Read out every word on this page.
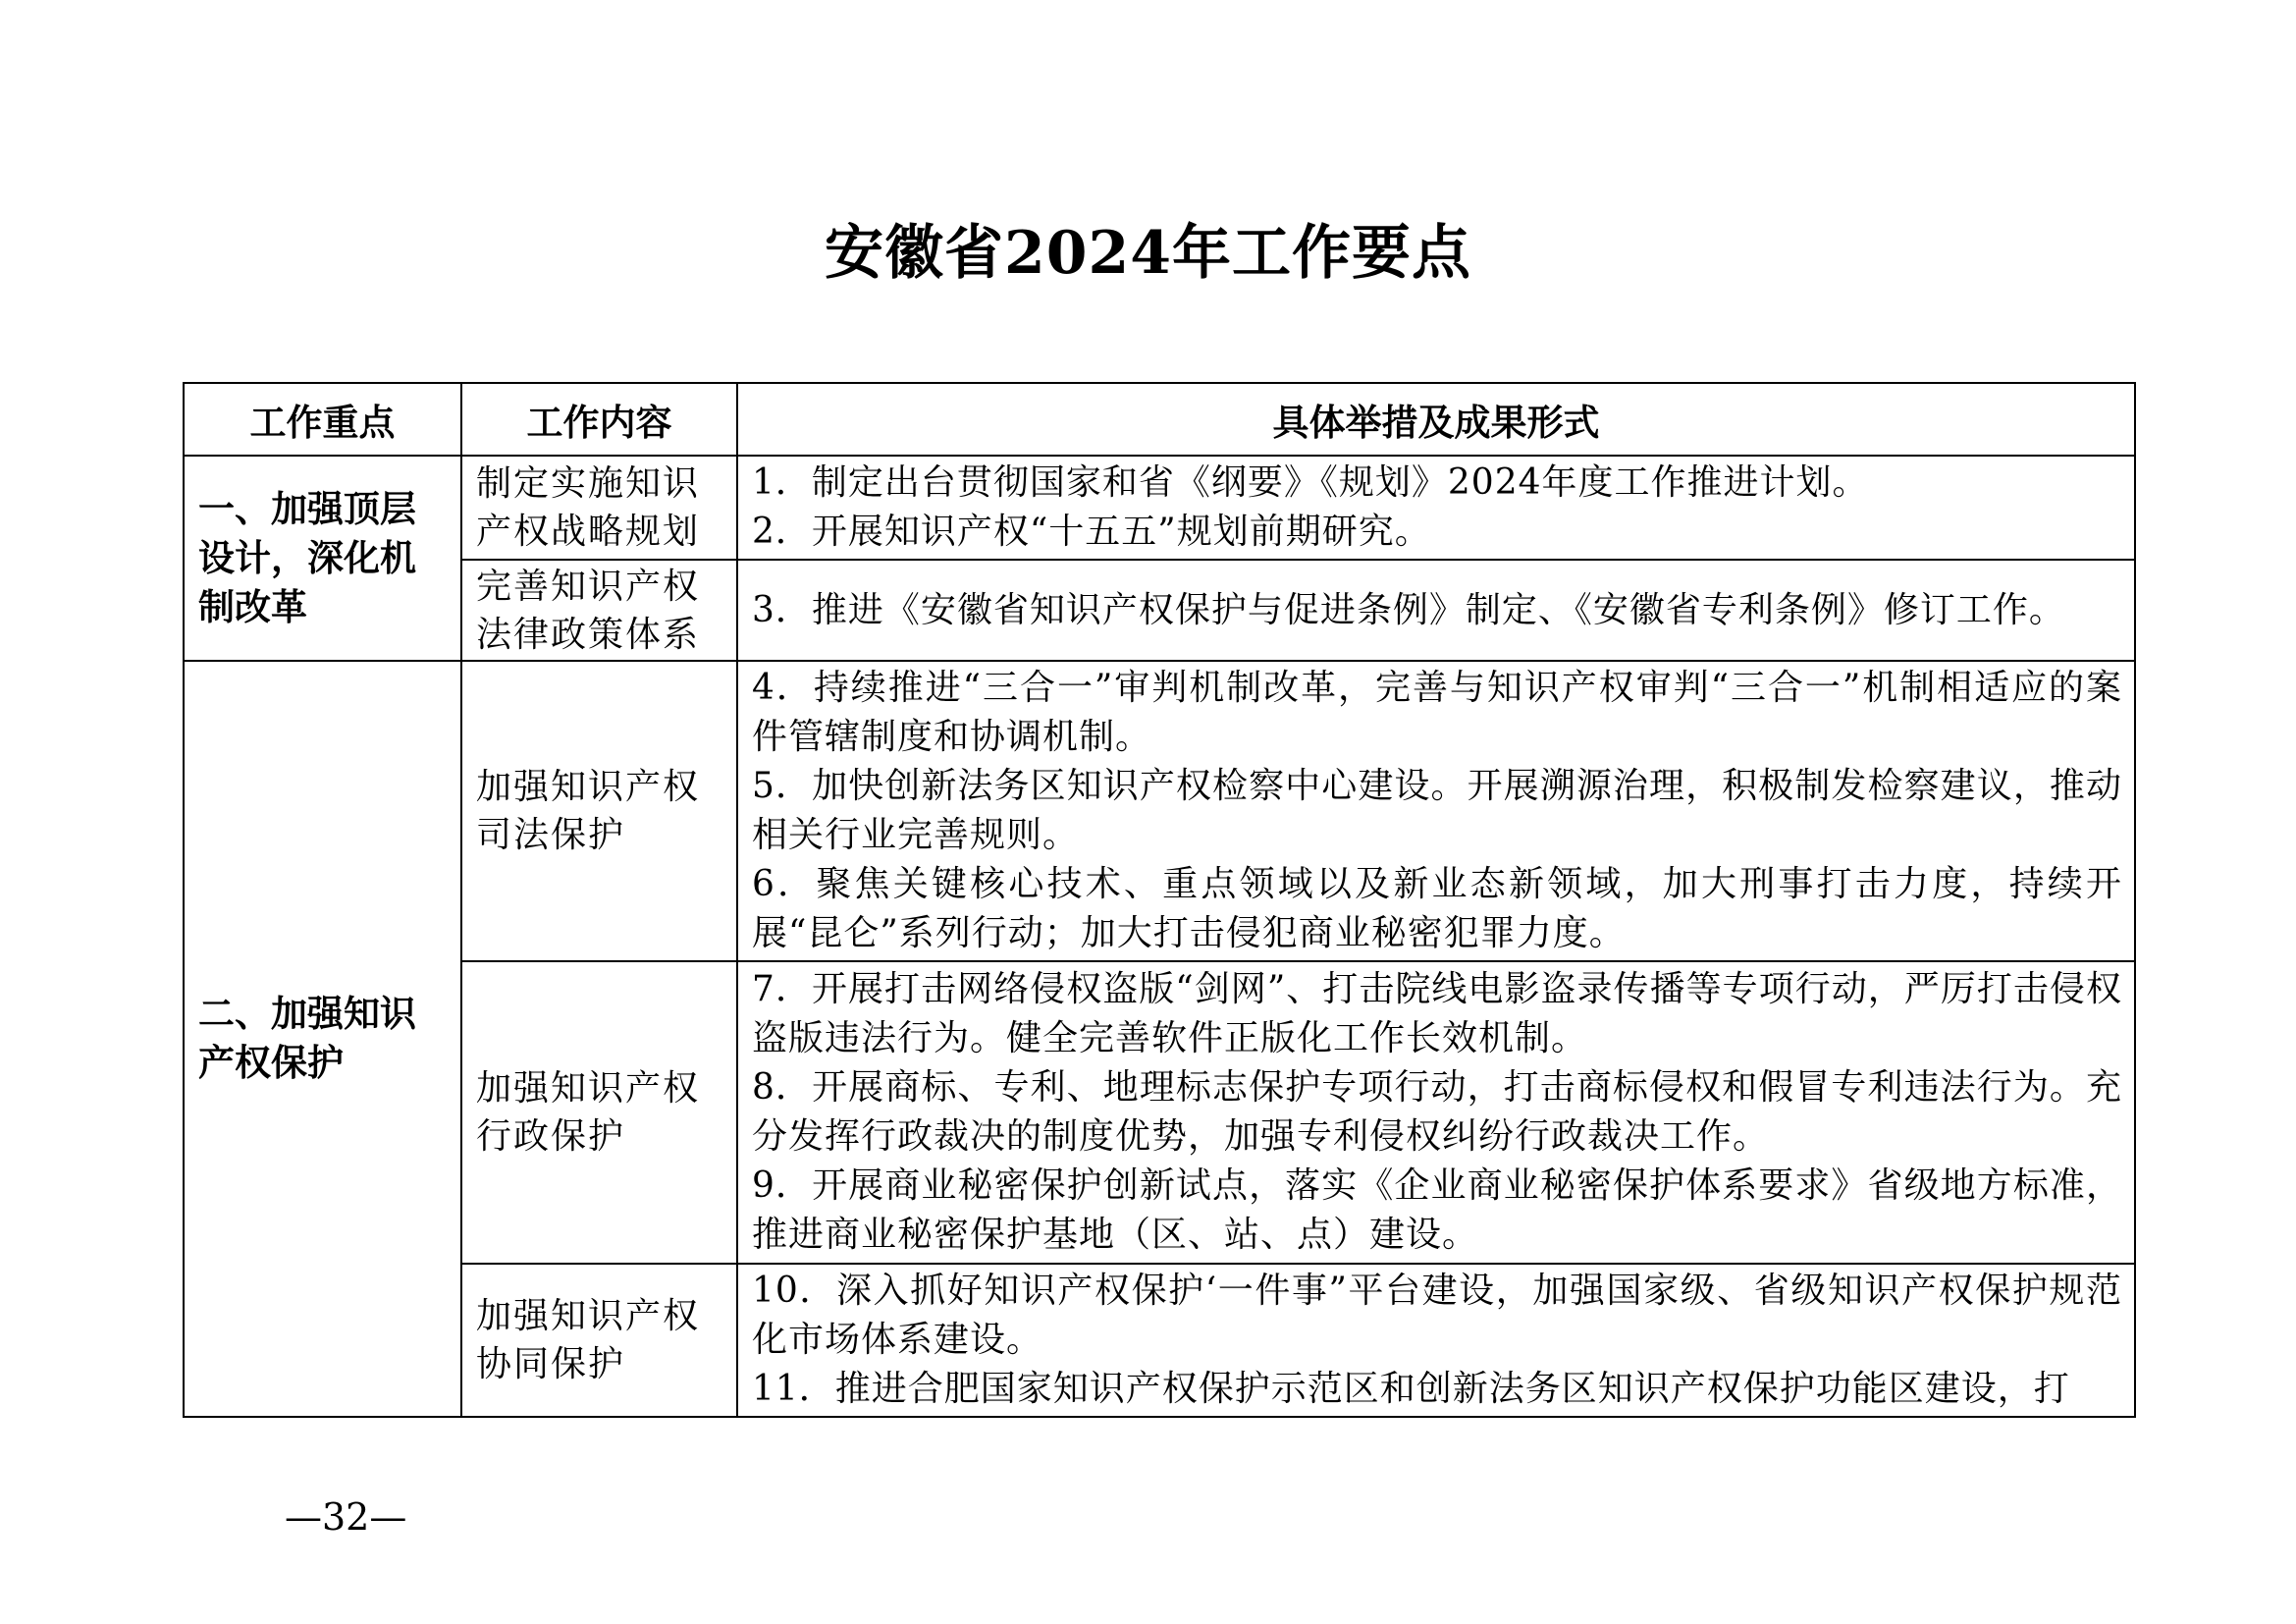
安徽省2024年工作要点
工作重点	工作内容	具体举措及成果形式
一、加强顶层设计，深化机制改革	制定实施知识产权战略规划	1．制定出台贯彻国家和省《纲要》《规划》2024年度工作推进计划。
2．开展知识产权“十五五”规划前期研究。

	完善知识产权法律政策体系	3．推进《安徽省知识产权保护与促进条例》制定、《安徽省专利条例》修订工作。

二、加强知识产权保护	加强知识产权司法保护	4．持续推进“三合一”审判机制改革，完善与知识产权审判“三合一”机制相适应的案件管辖制度和协调机制。
5．加快创新法务区知识产权检察中心建设。开展溯源治理，积极制发检察建议，推动相关行业完善规则。
6．聚焦关键核心技术、重点领域以及新业态新领域，加大刑事打击力度，持续开展“昆仑”系列行动；加大打击侵犯商业秘密犯罪力度。

	加强知识产权行政保护	7．开展打击网络侵权盗版“剑网”、打击院线电影盗录传播等专项行动，严厉打击侵权盗版违法行为。健全完善软件正版化工作长效机制。
8．开展商标、专利、地理标志保护专项行动，打击商标侵权和假冒专利违法行为。充分发挥行政裁决的制度优势，加强专利侵权纠纷行政裁决工作。
9．开展商业秘密保护创新试点，落实《企业商业秘密保护体系要求》省级地方标准，推进商业秘密保护基地（区、站、点）建设。

	加强知识产权协同保护	10．深入抓好知识产权保护‘一件事”平台建设，加强国家级、省级知识产权保护规范化市场体系建设。
11．推进合肥国家知识产权保护示范区和创新法务区知识产权保护功能区建设，打
—32—
